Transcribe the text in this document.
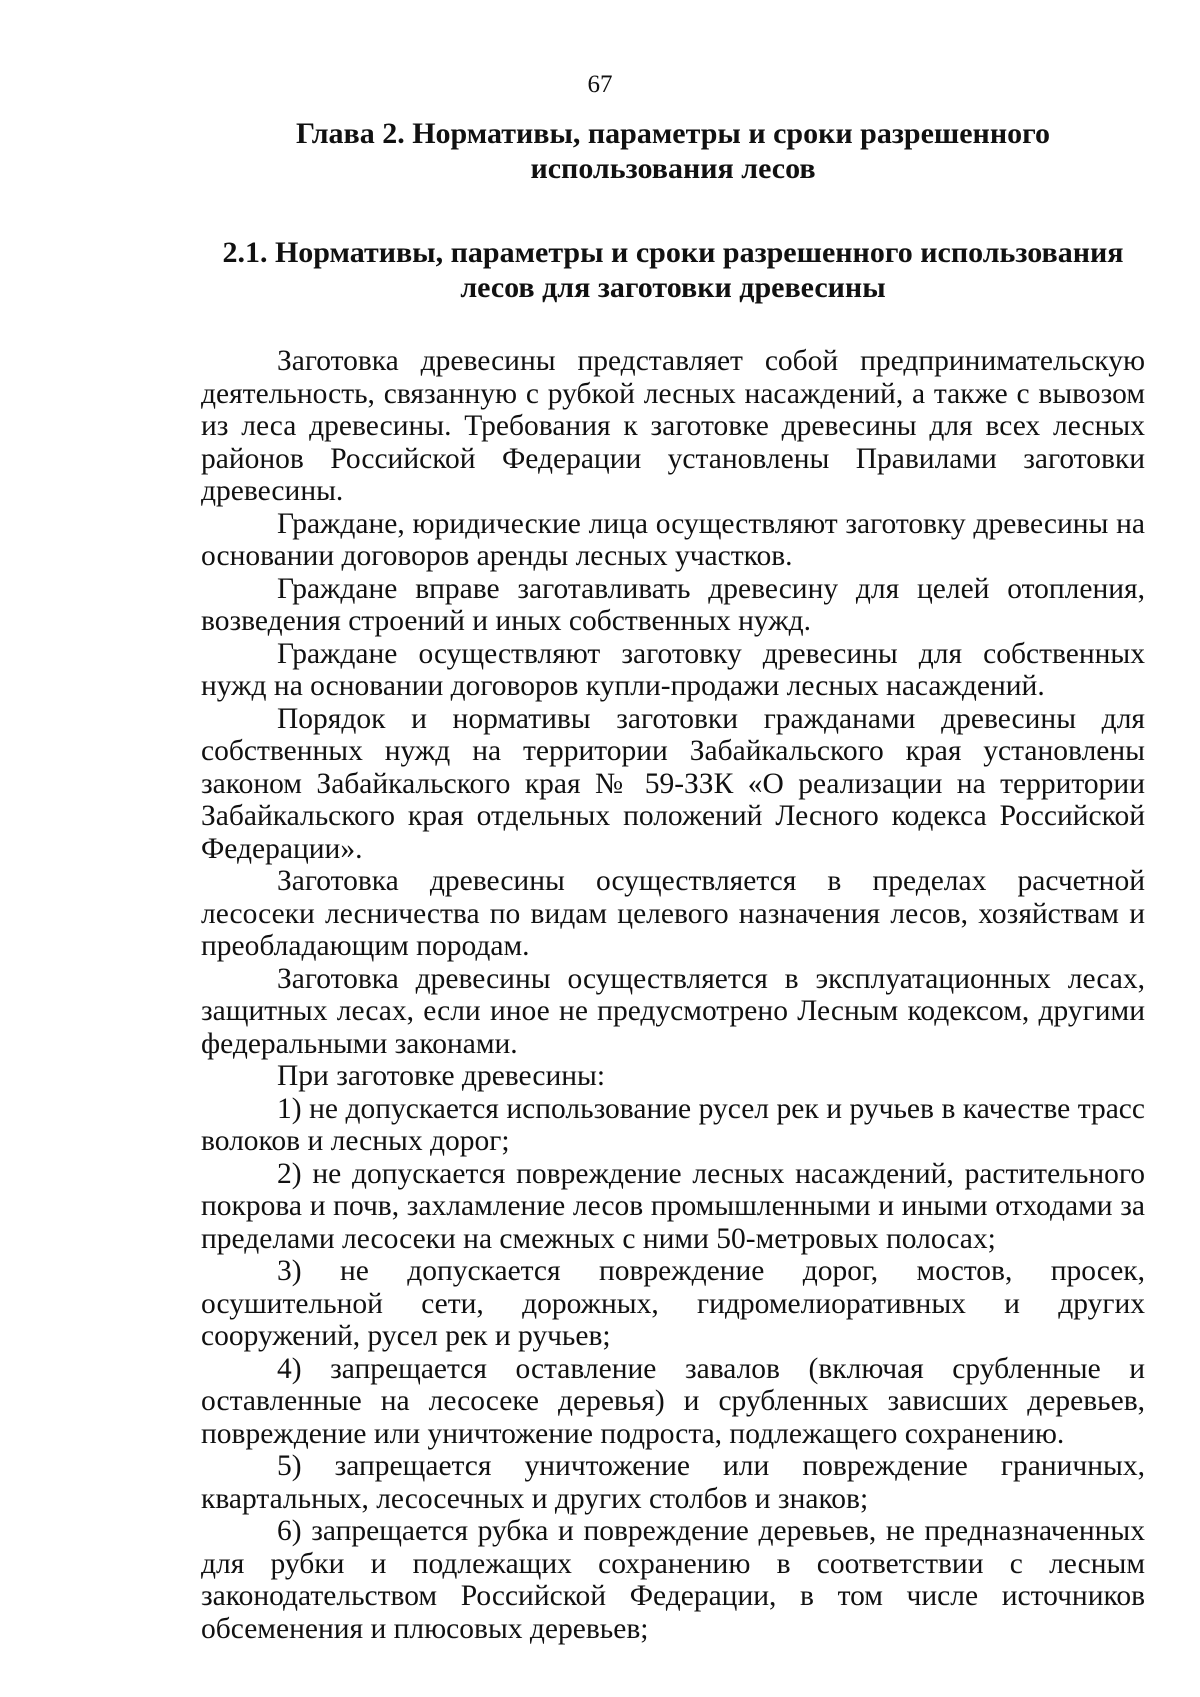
67
Глава 2. Нормативы, параметры и сроки разрешенного использования лесов
2.1. Нормативы, параметры и сроки разрешенного использования лесов для заготовки древесины

Заготовка древесины представляет собой предпринимательскую деятельность, связанную с рубкой лесных насаждений, а также с вывозом из леса древесины. Требования к заготовке древесины для всех лесных районов Российской Федерации установлены Правилами заготовки древесины.

Граждане, юридические лица осуществляют заготовку древесины на основании договоров аренды лесных участков.

Граждане вправе заготавливать древесину для целей отопления, возведения строений и иных собственных нужд.

Граждане осуществляют заготовку древесины для собственных нужд на основании договоров купли-продажи лесных насаждений.

Порядок и нормативы заготовки гражданами древесины для собственных нужд на территории Забайкальского края установлены законом Забайкальского края № 59-ЗЗК «О реализации на территории Забайкальского края отдельных положений Лесного кодекса Российской Федерации».

Заготовка древесины осуществляется в пределах расчетной лесосеки лесничества по видам целевого назначения лесов, хозяйствам и преобладающим породам.

Заготовка древесины осуществляется в эксплуатационных лесах, защитных лесах, если иное не предусмотрено Лесным кодексом, другими федеральными законами.

При заготовке древесины:

1) не допускается использование русел рек и ручьев в качестве трасс волоков и лесных дорог;

2) не допускается повреждение лесных насаждений, растительного покрова и почв, захламление лесов промышленными и иными отходами за пределами лесосеки на смежных с ними 50-метровых полосах;

3) не допускается повреждение дорог, мостов, просек, осушительной сети, дорожных, гидромелиоративных и других сооружений, русел рек и ручьев;

4) запрещается оставление завалов (включая срубленные и оставленные на лесосеке деревья) и срубленных зависших деревьев, повреждение или уничтожение подроста, подлежащего сохранению.

5) запрещается уничтожение или повреждение граничных, квартальных, лесосечных и других столбов и знаков;

6) запрещается рубка и повреждение деревьев, не предназначенных для рубки и подлежащих сохранению в соответствии с лесным законодательством Российской Федерации, в том числе источников обсеменения и плюсовых деревьев;
